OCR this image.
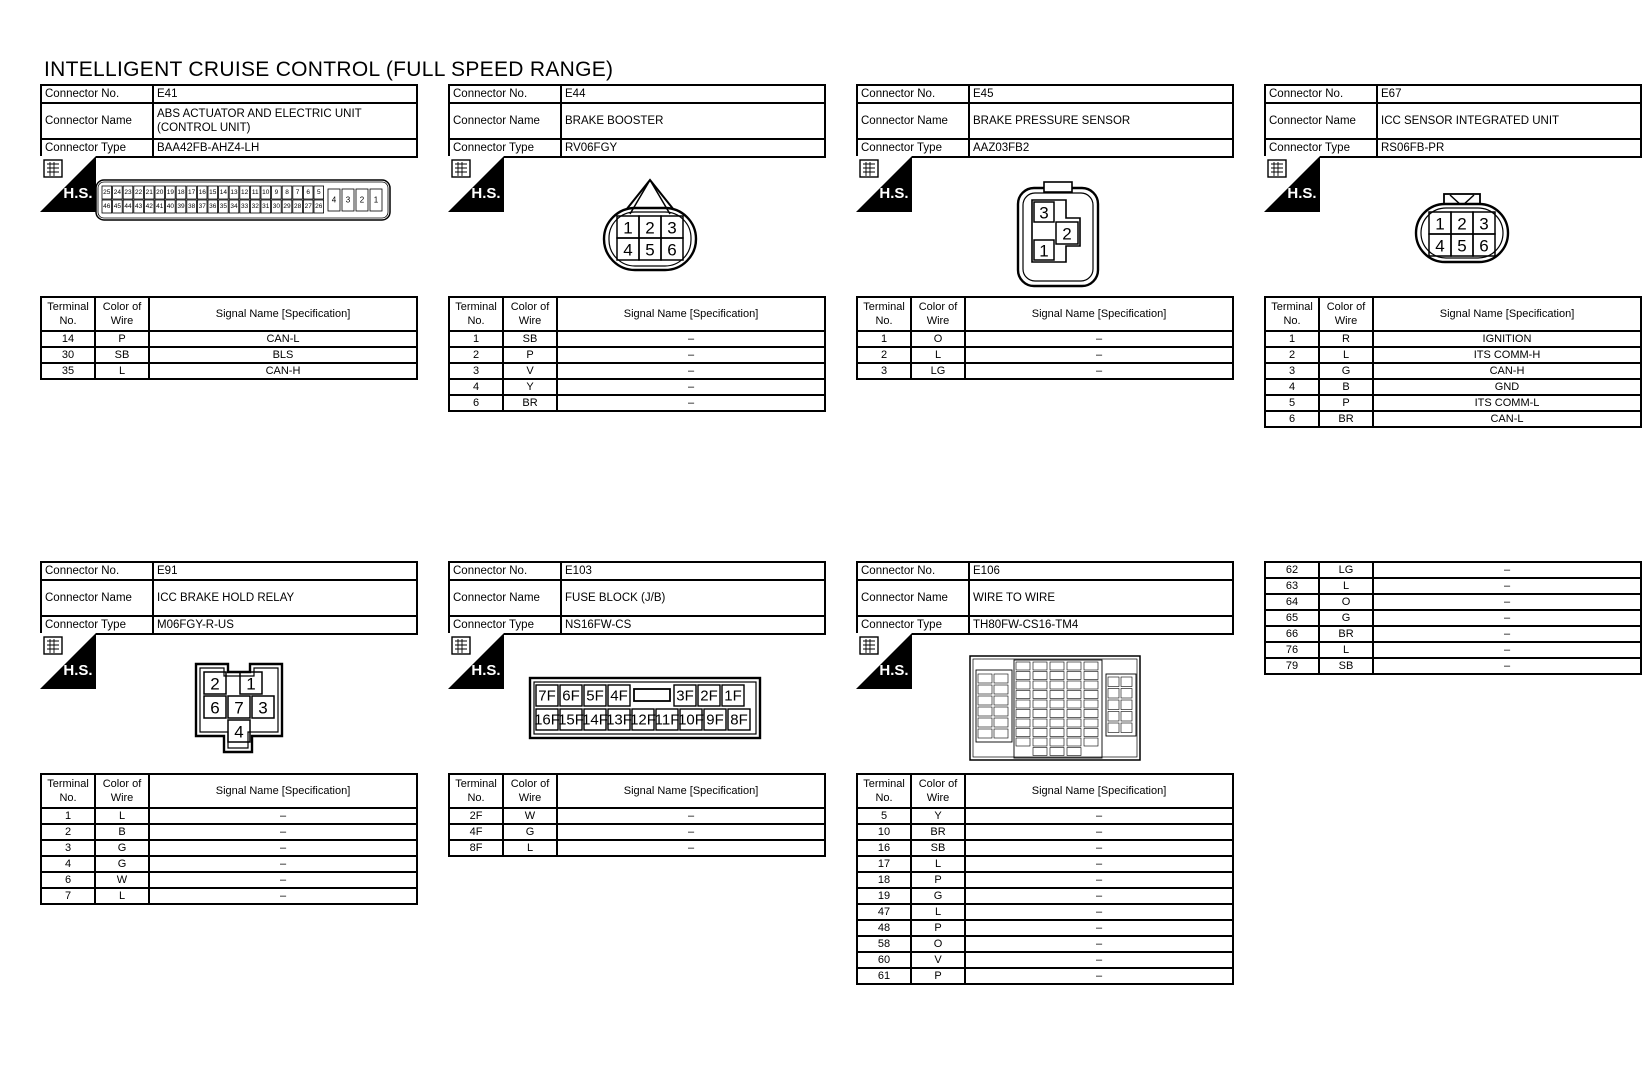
INTELLIGENT CRUISE CONTROL (FULL SPEED RANGE)
Connector No.	E41
Connector Name	ABS ACTUATOR AND ELECTRIC UNIT (CONTROL UNIT)
Connector Type	BAA42FB-AHZ4-LH
H.S. 25 24 23 22 21 20 19 18 17 16 15 14 13 12 11 10 9 8 7 6 5
46 45 44 43 42 41 40 39 38 37 36 35 34 33 32 31 30 29 28 27 26
4 3 2 1
Terminal No.	Color of Wire	Signal Name [Specification]
14	P	CAN-L
30	SB	BLS
35	L	CAN-H
Connector No.	E44
Connector Name	BRAKE BOOSTER
Connector Type	RV06FGY
H.S.
1 2 3
4 5 6
Terminal No.	Color of Wire	Signal Name [Specification]
1	SB	–
2	P	–
3	V	–
4	Y	–
6	BR	–
Connector No.	E45
Connector Name	BRAKE PRESSURE SENSOR
Connector Type	AAZ03FB2
H.S.
3
2
1
Terminal No.	Color of Wire	Signal Name [Specification]
1	O	–
2	L	–
3	LG	–
Connector No.	E67
Connector Name	ICC SENSOR INTEGRATED UNIT
Connector Type	RS06FB-PR
H.S.
1 2 3
4 5 6
Terminal No.	Color of Wire	Signal Name [Specification]
1	R	IGNITION
2	L	ITS COMM-H
3	G	CAN-H
4	B	GND
5	P	ITS COMM-L
6	BR	CAN-L
Connector No.	E91
Connector Name	ICC BRAKE HOLD RELAY
Connector Type	M06FGY-R-US
H.S.
2 1
6 7 3
4
Terminal No.	Color of Wire	Signal Name [Specification]
1	L	–
2	B	–
3	G	–
4	G	–
6	W	–
7	L	–
Connector No.	E103
Connector Name	FUSE BLOCK (J/B)
Connector Type	NS16FW-CS
H.S.
7F 6F 5F 4F	3F 2F 1F
16F
15F
14F
13F
12F
11F
10F 9F 8F
Terminal No.	Color of Wire	Signal Name [Specification]
2F	W	–
4F	G	–
8F	L	–
Connector No.	E106
Connector Name	WIRE TO WIRE
Connector Type	TH80FW-CS16-TM4
H.S.
Terminal No.	Color of Wire	Signal Name [Specification]
5	Y	–
10	BR	–
16	SB	–
17	L	–
18	P	–
19	G	–
47	L	–
48	P	–
58	O	–
60	V	–
61	P	–
62	LG	–
63	L	–
64	O	–
65	G	–
66	BR	–
76	L	–
79	SB	–
